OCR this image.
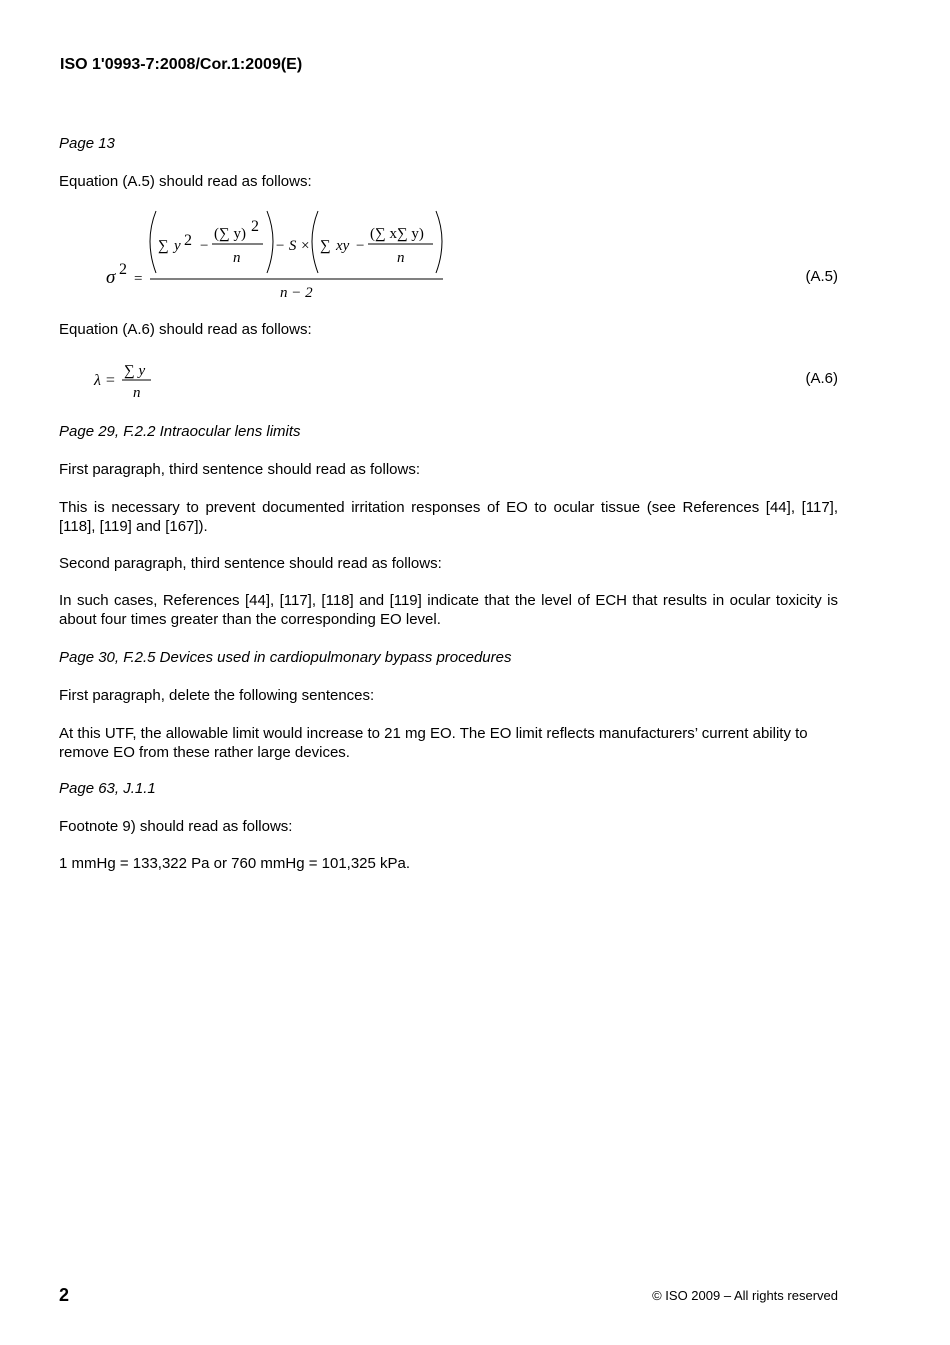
ISO 1'0993-7:2008/Cor.1:2009(E)
Page 13
Equation (A.5) should read as follows:
σ 2
=
∑ y 2 −
(∑ y) 2
n
− S × ∑ xy −
(∑ x∑ y)
n
n − 2
(A.5)
Equation (A.6) should read as follows:
λ =
∑ y
n
(A.6)
Page 29, F.2.2 Intraocular lens limits
First paragraph, third sentence should read as follows:
This is necessary to prevent documented irritation responses of EO to ocular tissue (see References [44], [117], [118], [119] and [167]).
Second paragraph, third sentence should read as follows:
In such cases, References [44], [117], [118] and [119] indicate that the level of ECH that results in ocular toxicity is about four times greater than the corresponding EO level.
Page 30, F.2.5 Devices used in cardiopulmonary bypass procedures
First paragraph, delete the following sentences:
At this UTF, the allowable limit would increase to 21 mg EO. The EO limit reflects manufacturers’ current ability to remove EO from these rather large devices.
Page 63, J.1.1
Footnote 9) should read as follows:
1 mmHg = 133,322 Pa or 760 mmHg = 101,325 kPa.
2	© ISO 2009 – All rights reserved
